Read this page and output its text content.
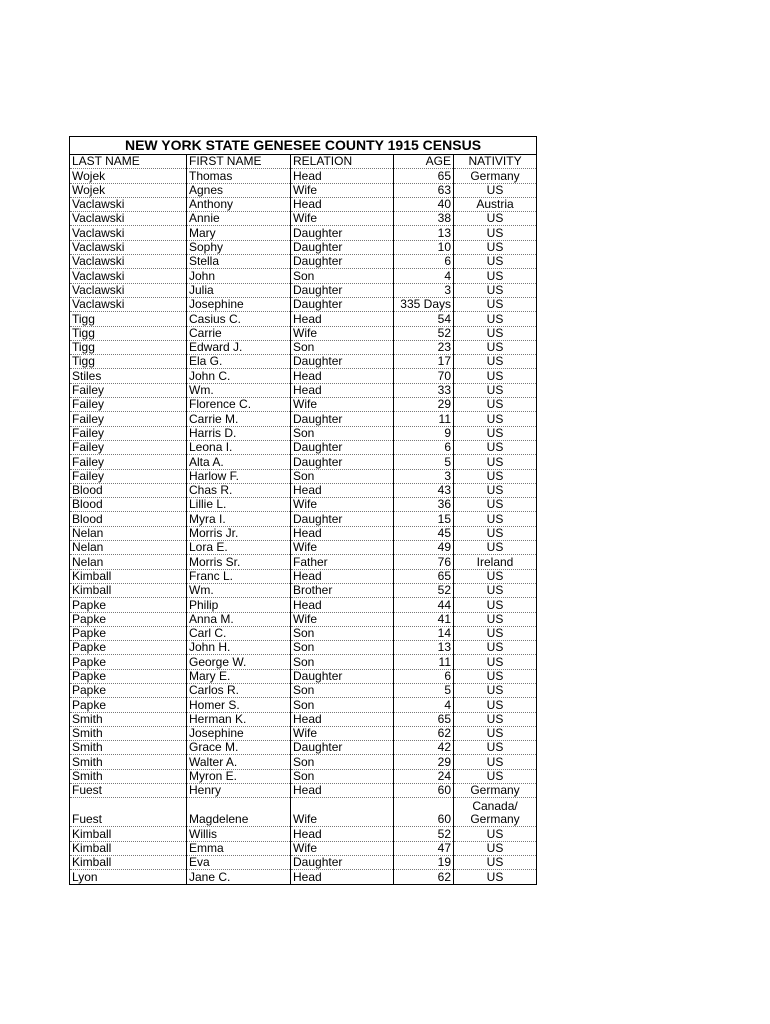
NEW YORK STATE GENESEE COUNTY 1915 CENSUS				
LAST NAME	FIRST NAME	RELATION	AGE	NATIVITY
Wojek	Thomas	Head	65	Germany
Wojek	Agnes	Wife	63	US
Vaclawski	Anthony	Head	40	Austria
Vaclawski	Annie	Wife	38	US
Vaclawski	Mary	Daughter	13	US
Vaclawski	Sophy	Daughter	10	US
Vaclawski	Stella	Daughter	6	US
Vaclawski	John	Son	4	US
Vaclawski	Julia	Daughter	3	US
Vaclawski	Josephine	Daughter	335 Days	US
Tigg	Casius C.	Head	54	US
Tigg	Carrie	Wife	52	US
Tigg	Edward J.	Son	23	US
Tigg	Ela G.	Daughter	17	US
Stiles	John C.	Head	70	US
Failey	Wm.	Head	33	US
Failey	Florence C.	Wife	29	US
Failey	Carrie M.	Daughter	11	US
Failey	Harris D.	Son	9	US
Failey	Leona I.	Daughter	6	US
Failey	Alta A.	Daughter	5	US
Failey	Harlow F.	Son	3	US
Blood	Chas R.	Head	43	US
Blood	Lillie L.	Wife	36	US
Blood	Myra I.	Daughter	15	US
Nelan	Morris Jr.	Head	45	US
Nelan	Lora E.	Wife	49	US
Nelan	Morris Sr.	Father	76	Ireland
Kimball	Franc L.	Head	65	US
Kimball	Wm.	Brother	52	US
Papke	Philip	Head	44	US
Papke	Anna M.	Wife	41	US
Papke	Carl C.	Son	14	US
Papke	John H.	Son	13	US
Papke	George W.	Son	11	US
Papke	Mary E.	Daughter	6	US
Papke	Carlos R.	Son	5	US
Papke	Homer S.	Son	4	US
Smith	Herman K.	Head	65	US
Smith	Josephine	Wife	62	US
Smith	Grace M.	Daughter	42	US
Smith	Walter A.	Son	29	US
Smith	Myron E.	Son	24	US
Fuest	Henry	Head	60	Germany
Fuest	Magdelene	Wife	60	Canada/
Germany
Kimball	Willis	Head	52	US
Kimball	Emma	Wife	47	US
Kimball	Eva	Daughter	19	US
Lyon	Jane C.	Head	62	US
